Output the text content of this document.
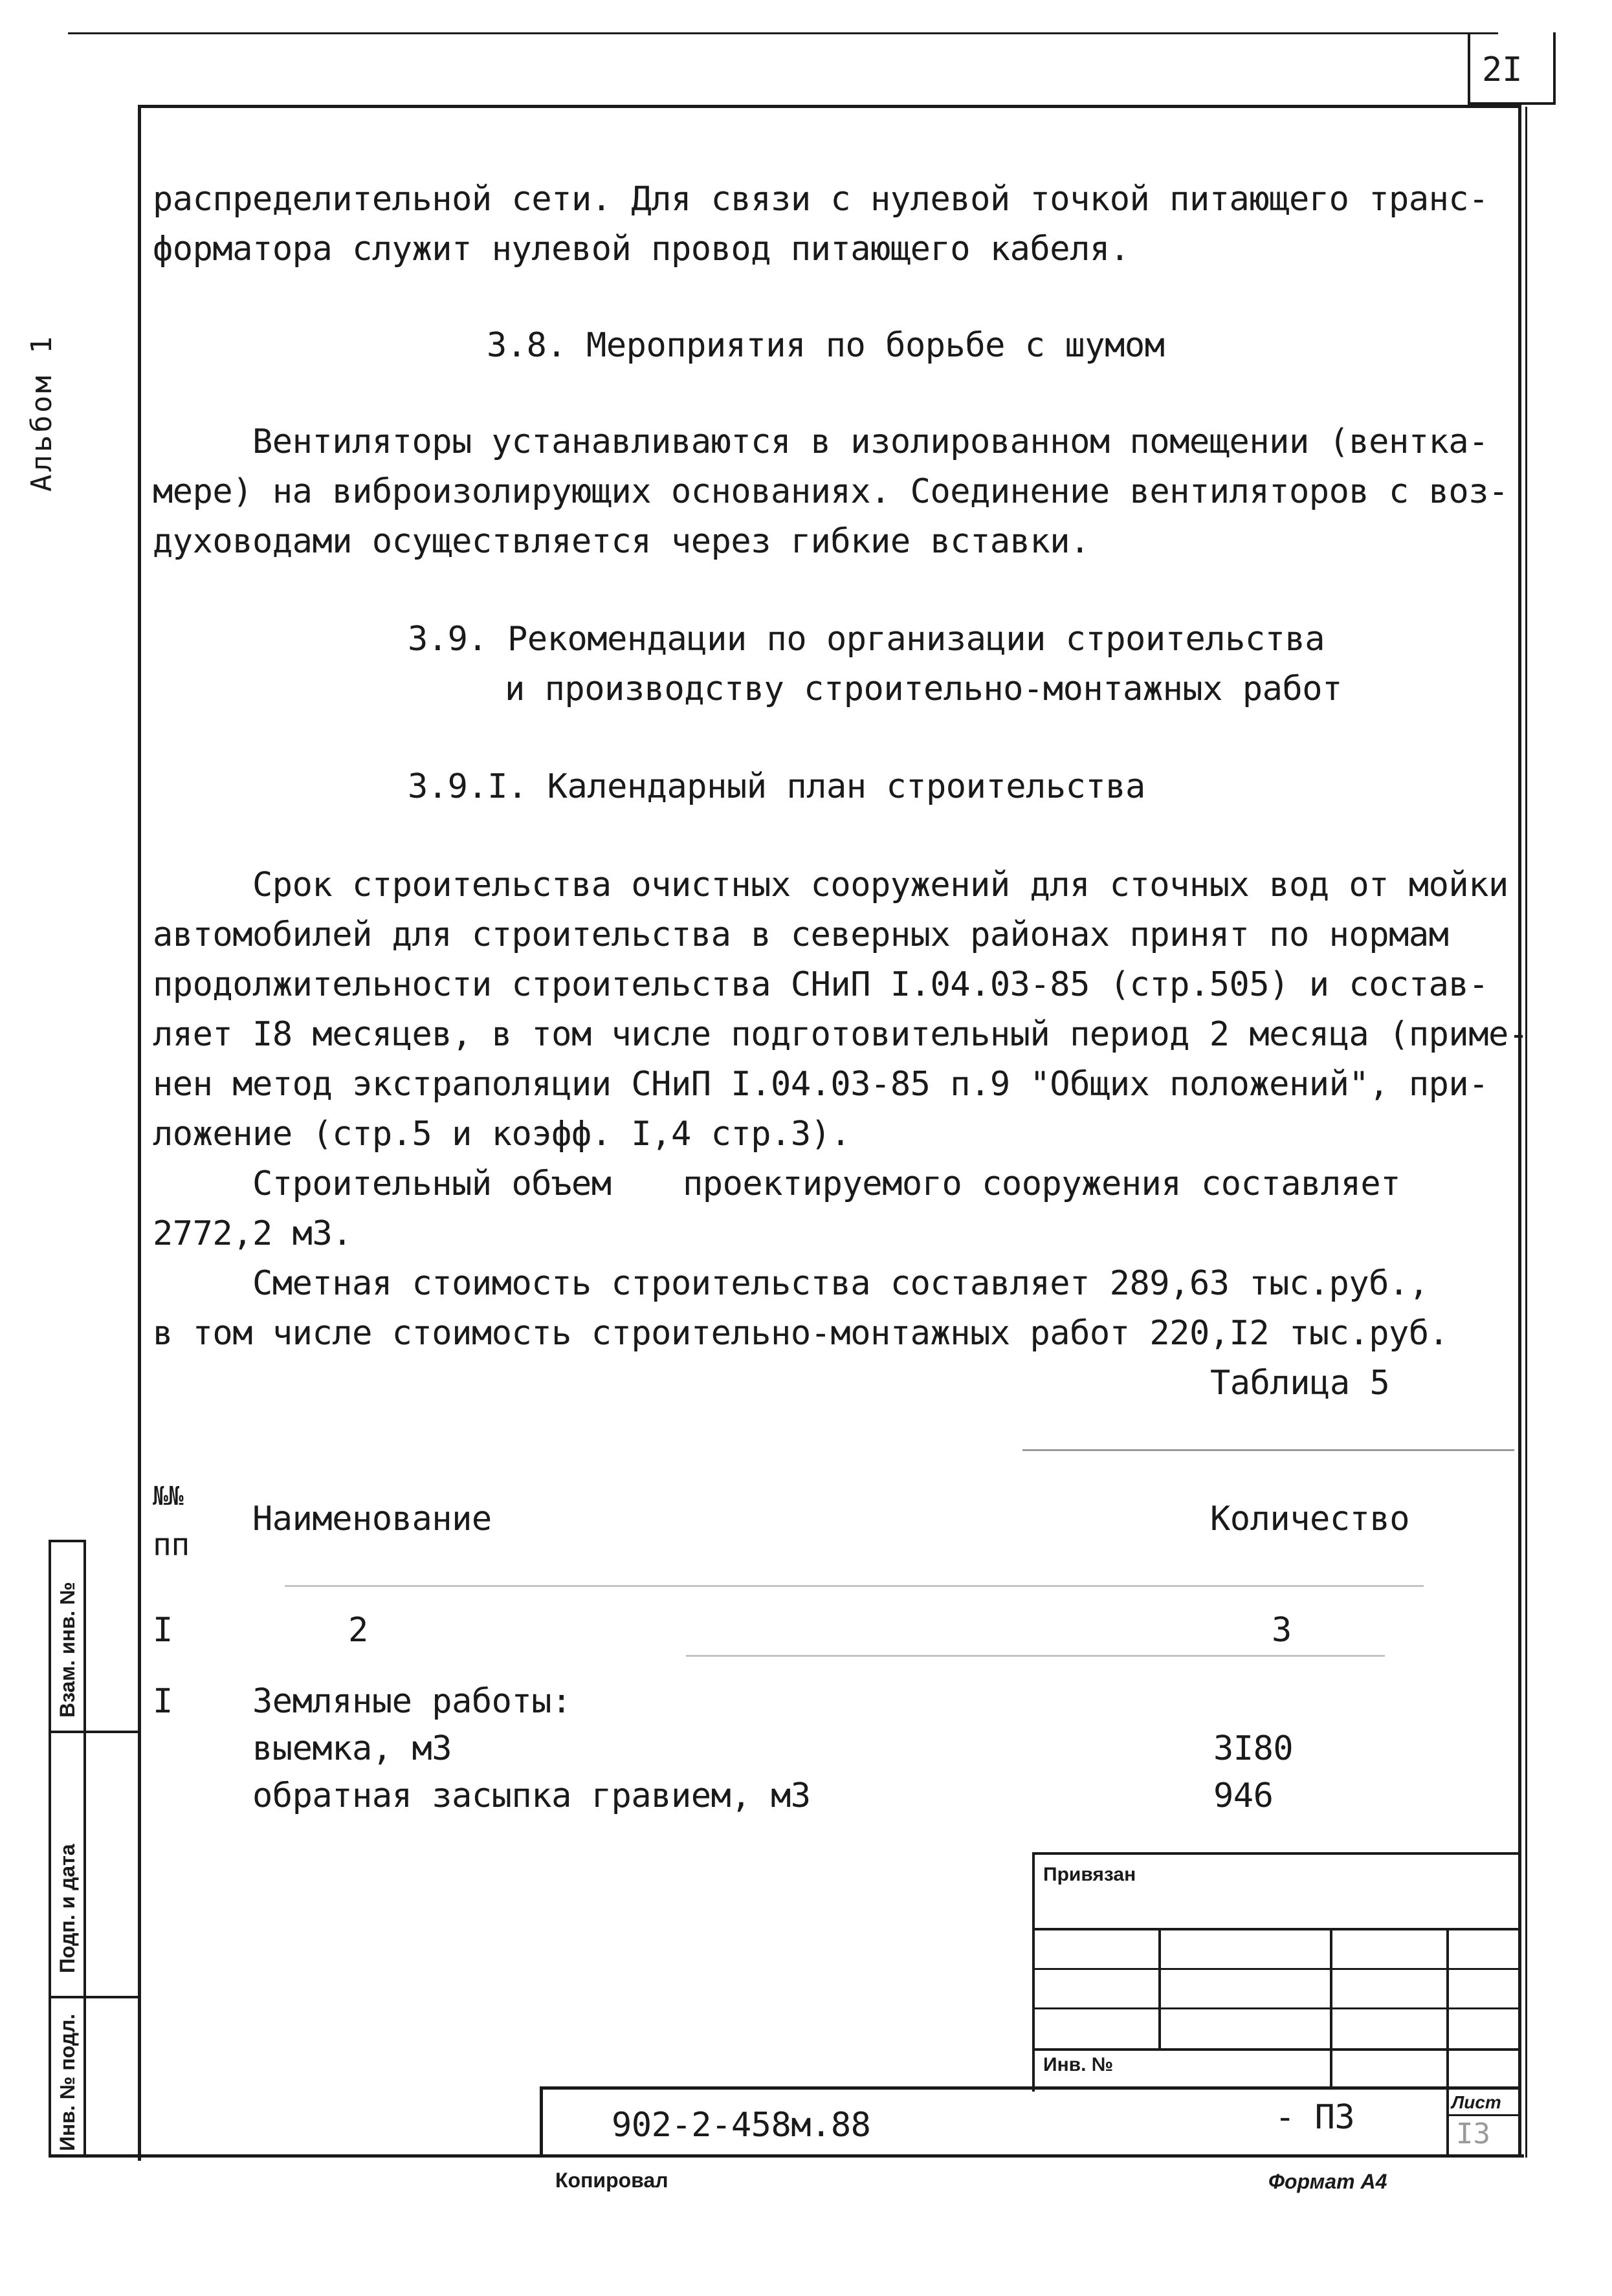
2I
Альбом 1
распределительной сети. Для связи с нулевой точкой питающего транс-
форматора служит нулевой провод питающего кабеля.
3.8. Мероприятия по борьбе с шумом
Вентиляторы устанавливаются в изолированном помещении (вентка-
мере) на виброизолирующих основаниях. Соединение вентиляторов с воз-
духоводами осуществляется через гибкие вставки.
3.9. Рекомендации по организации строительства
и производству строительно-монтажных работ
3.9.I. Календарный план строительства
Срок строительства очистных сооружений для сточных вод от мойки
автомобилей для строительства в северных районах принят по нормам
продолжительности строительства СНиП I.04.03-85 (стр.505) и состав-
ляет I8 месяцев, в том числе подготовительный период 2 месяца (приме-
нен метод экстраполяции СНиП I.04.03-85 п.9 "Общих положений", при-
ложение (стр.5 и коэфф. I,4 стр.3).
Строительный объем проектируемого сооружения составляет
2772,2 м3.
Сметная стоимость строительства составляет 289,63 тыс.руб.,
в том числе стоимость строительно-монтажных работ 220,I2 тыс.руб.
Таблица 5
№№
пп
Наименование	Количество
I	2	3
I Земляные работы:
выемка, м3	3I80
обратная засыпка гравием, м3	946
Привязан
Инв. №
Лист
I3
902-2-458м.88	- ПЗ
Взам. инв. №
Подп. и дата
Инв. № подл.
Копировал	Формат А4
